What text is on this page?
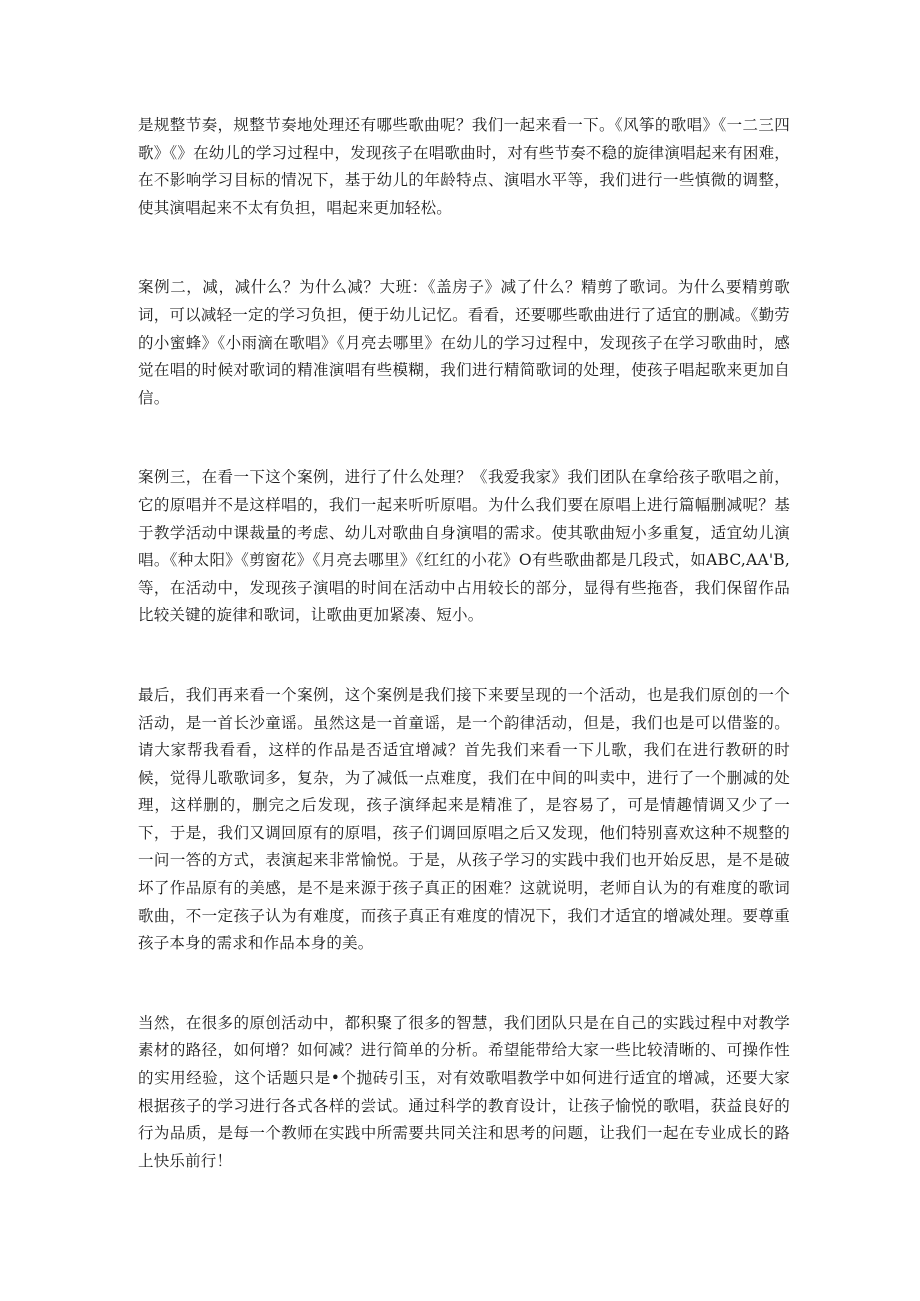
是规整节奏，规整节奏地处理还有哪些歌曲呢？我们一起来看一下。《风筝的歌唱》《一二三四歌》《》在幼儿的学习过程中，发现孩子在唱歌曲时，对有些节奏不稳的旋律演唱起来有困难，在不影响学习目标的情况下，基于幼儿的年龄特点、演唱水平等，我们进行一些慎微的调整，使其演唱起来不太有负担，唱起来更加轻松。

案例二，减，减什么？为什么减？大班：《盖房子》减了什么？精剪了歌词。为什么要精剪歌词，可以减轻一定的学习负担，便于幼儿记忆。看看，还要哪些歌曲进行了适宜的删减。《勤劳的小蜜蜂》《小雨滴在歌唱》《月亮去哪里》在幼儿的学习过程中，发现孩子在学习歌曲时，感觉在唱的时候对歌词的精准演唱有些模糊，我们进行精简歌词的处理，使孩子唱起歌来更加自信。

案例三，在看一下这个案例，进行了什么处理？《我爱我家》我们团队在拿给孩子歌唱之前，它的原唱并不是这样唱的，我们一起来听听原唱。为什么我们要在原唱上进行篇幅删减呢？基于教学活动中课裁量的考虑、幼儿对歌曲自身演唱的需求。使其歌曲短小多重复，适宜幼儿演唱。《种太阳》《剪窗花》《月亮去哪里》《红红的小花》O有些歌曲都是几段式，如ABC,AA'B,等，在活动中，发现孩子演唱的时间在活动中占用较长的部分，显得有些拖沓，我们保留作品比较关键的旋律和歌词，让歌曲更加紧凑、短小。

最后，我们再来看一个案例，这个案例是我们接下来要呈现的一个活动，也是我们原创的一个活动，是一首长沙童谣。虽然这是一首童谣，是一个韵律活动，但是，我们也是可以借鉴的。请大家帮我看看，这样的作品是否适宜增减？首先我们来看一下儿歌，我们在进行教研的时候，觉得儿歌歌词多，复杂，为了减低一点难度，我们在中间的叫卖中，进行了一个删减的处理，这样删的，删完之后发现，孩子演绎起来是精准了，是容易了，可是情趣情调又少了一下，于是，我们又调回原有的原唱，孩子们调回原唱之后又发现，他们特别喜欢这种不规整的一问一答的方式，表演起来非常愉悦。于是，从孩子学习的实践中我们也开始反思，是不是破坏了作品原有的美感，是不是来源于孩子真正的困难？这就说明，老师自认为的有难度的歌词歌曲，不一定孩子认为有难度，而孩子真正有难度的情况下，我们才适宜的增减处理。要尊重孩子本身的需求和作品本身的美。

当然，在很多的原创活动中，都积聚了很多的智慧，我们团队只是在自己的实践过程中对教学素材的路径，如何增？如何减？进行简单的分析。希望能带给大家一些比较清晰的、可操作性的实用经验，这个话题只是•个抛砖引玉，对有效歌唱教学中如何进行适宜的增减，还要大家根据孩子的学习进行各式各样的尝试。通过科学的教育设计，让孩子愉悦的歌唱，获益良好的行为品质，是每一个教师在实践中所需要共同关注和思考的问题，让我们一起在专业成长的路上快乐前行！
